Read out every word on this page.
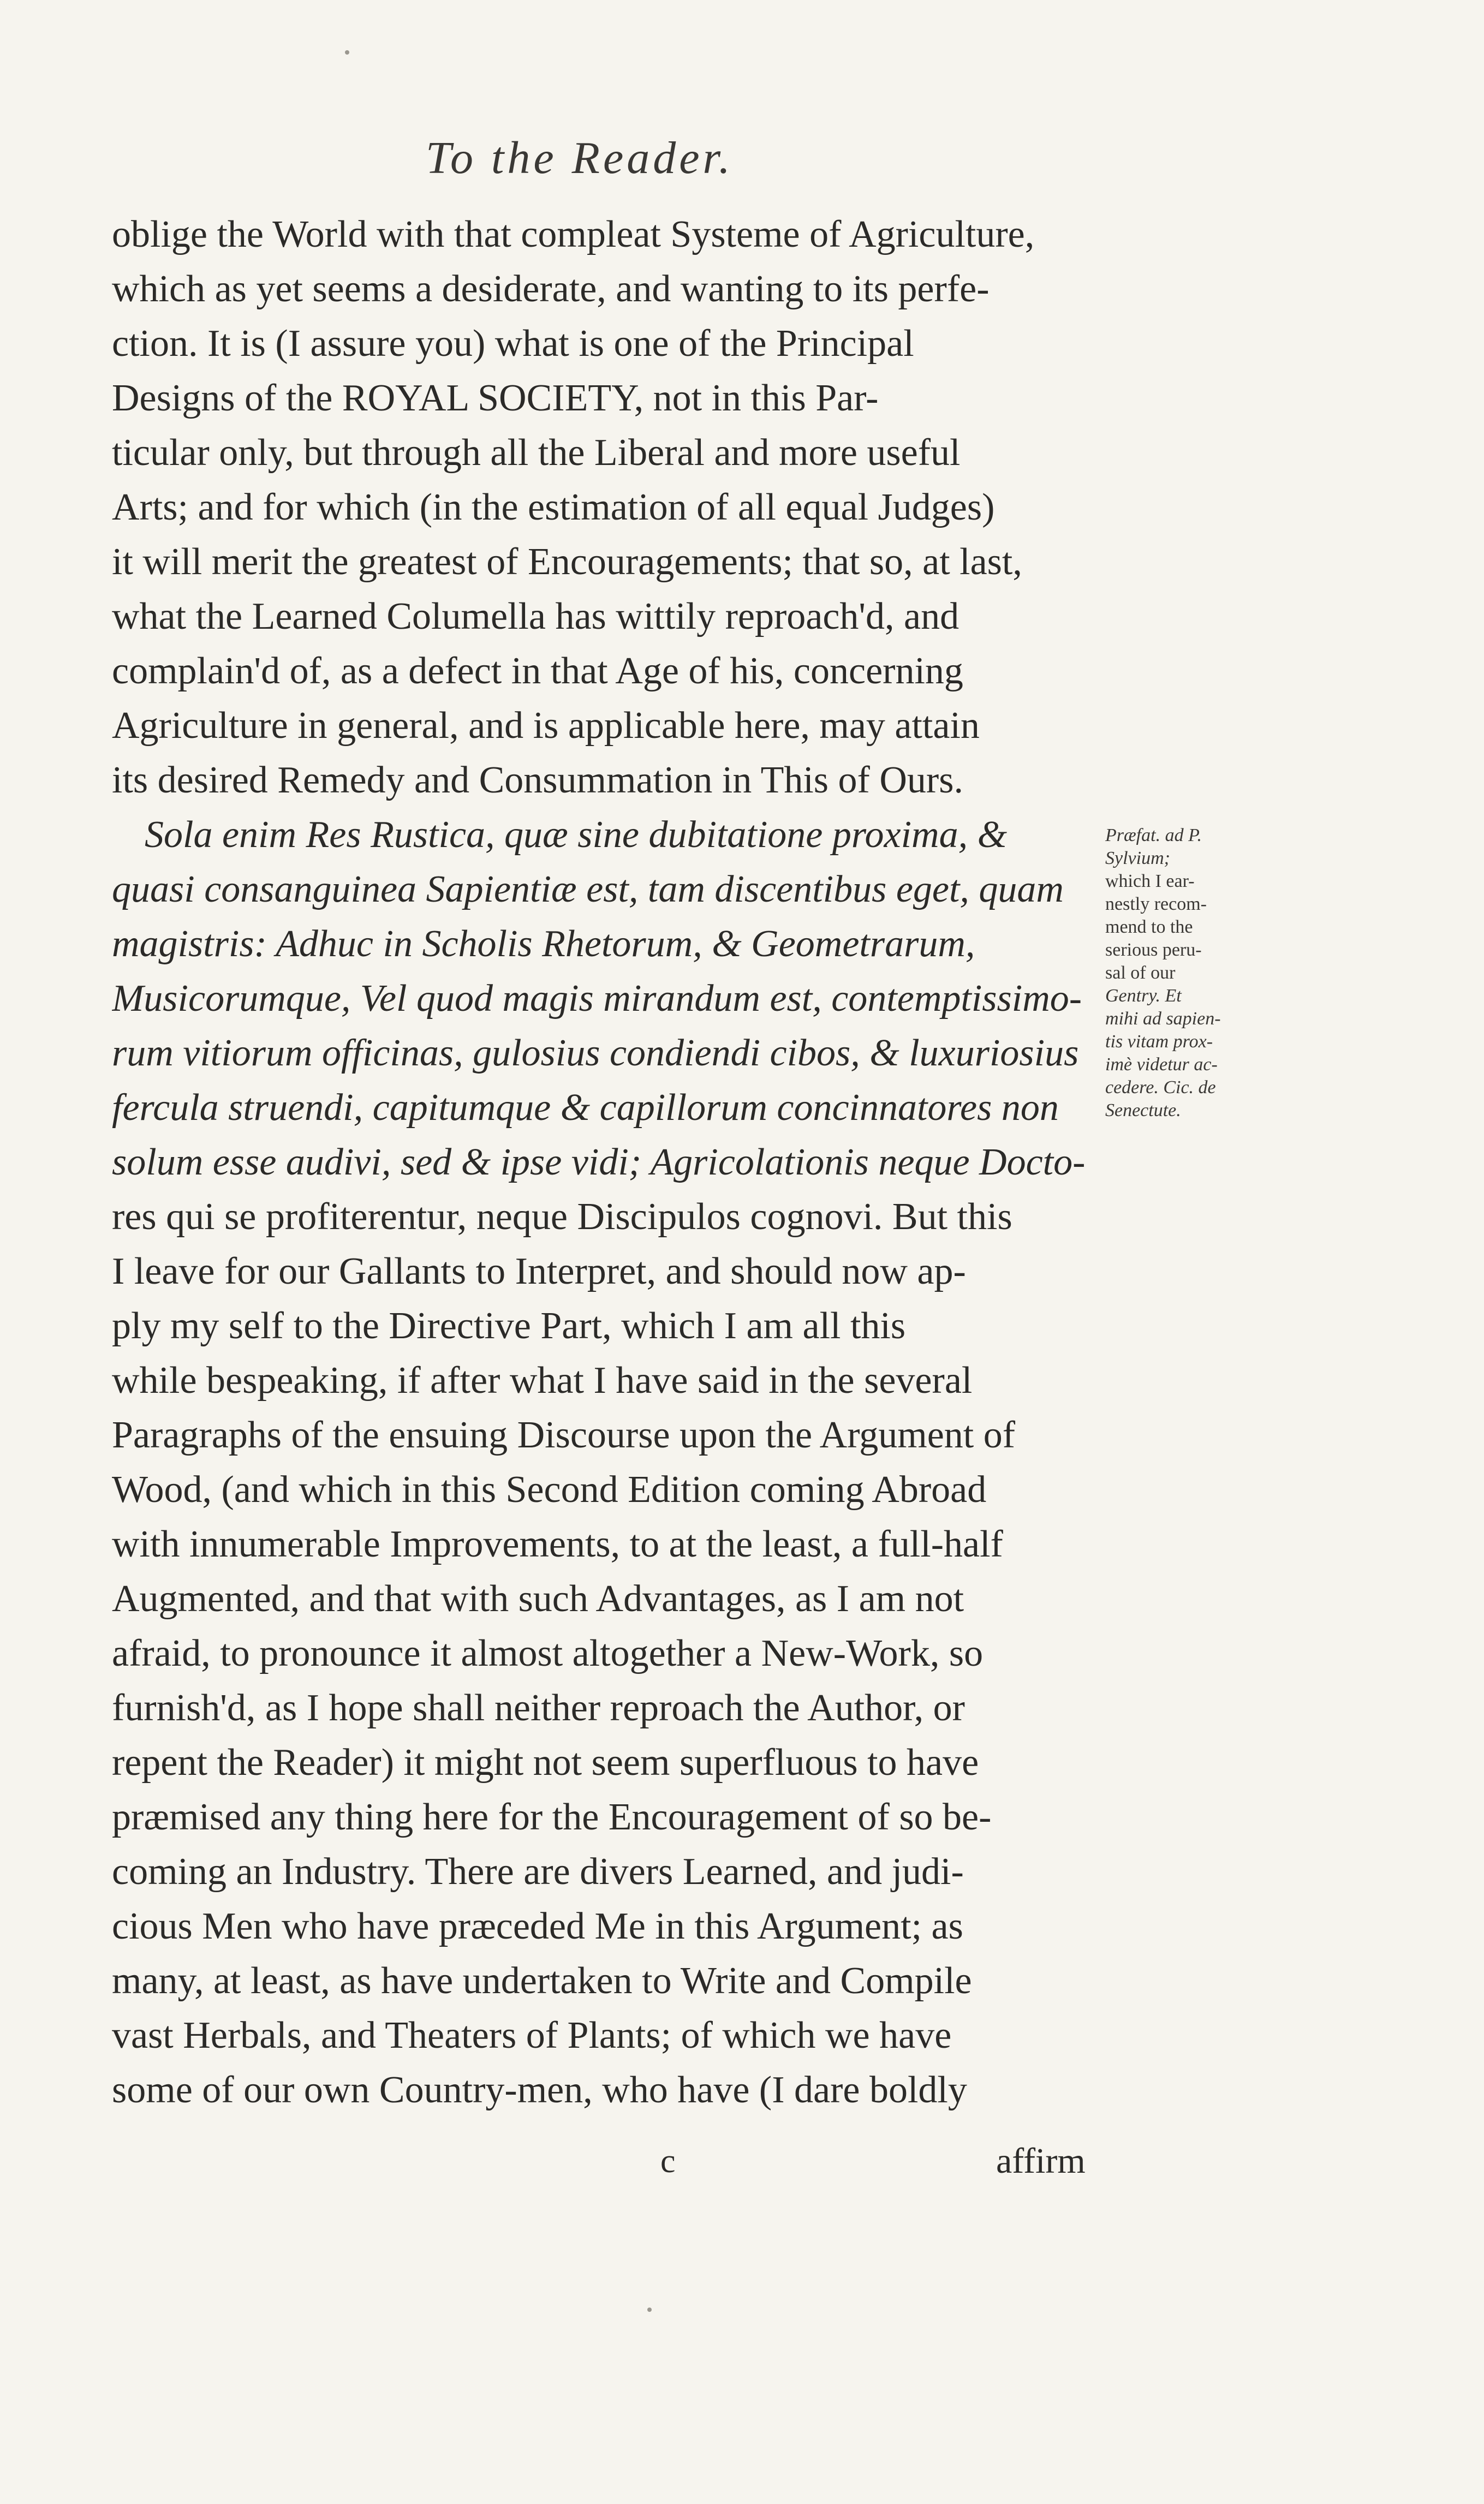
To the Reader.
oblige the World with that compleat Systeme of Agriculture,
which as yet seems a desiderate, and wanting to its perfe-
ction. It is (I assure you) what is one of the Principal
Designs of the ROYAL SOCIETY, not in this Par-
ticular only, but through all the Liberal and more useful
Arts; and for which (in the estimation of all equal Judges)
it will merit the greatest of Encouragements; that so, at last,
what the Learned Columella has wittily reproach'd, and
complain'd of, as a defect in that Age of his, concerning
Agriculture in general, and is applicable here, may attain
its desired Remedy and Consummation in This of Ours.
Sola enim Res Rustica, quæ sine dubitatione proxima, &
quasi consanguinea Sapientiæ est, tam discentibus eget, quam
magistris: Adhuc in Scholis Rhetorum, & Geometrarum,
Musicorumque, Vel quod magis mirandum est, contemptissimo-
rum vitiorum officinas, gulosius condiendi cibos, & luxuriosius
fercula struendi, capitumque & capillorum concinnatores non
solum esse audivi, sed & ipse vidi; Agricolationis neque Docto-
res qui se profiterentur, neque Discipulos cognovi. But this
I leave for our Gallants to Interpret, and should now ap-
ply my self to the Directive Part, which I am all this
while bespeaking, if after what I have said in the several
Paragraphs of the ensuing Discourse upon the Argument of
Wood, (and which in this Second Edition coming Abroad
with innumerable Improvements, to at the least, a full-half
Augmented, and that with such Advantages, as I am not
afraid, to pronounce it almost altogether a New-Work, so
furnish'd, as I hope shall neither reproach the Author, or
repent the Reader) it might not seem superfluous to have
præmised any thing here for the Encouragement of so be-
coming an Industry. There are divers Learned, and judi-
cious Men who have præceded Me in this Argument; as
many, at least, as have undertaken to Write and Compile
vast Herbals, and Theaters of Plants; of which we have
some of our own Country-men, who have (I dare boldly
Præfat. ad P.
Sylvium;
which I ear-
nestly recom-
mend to the
serious peru-
sal of our
Gentry. Et
mihi ad sapien-
tis vitam prox-
imè videtur ac-
cedere. Cic. de
Senectute.
c	affirm
